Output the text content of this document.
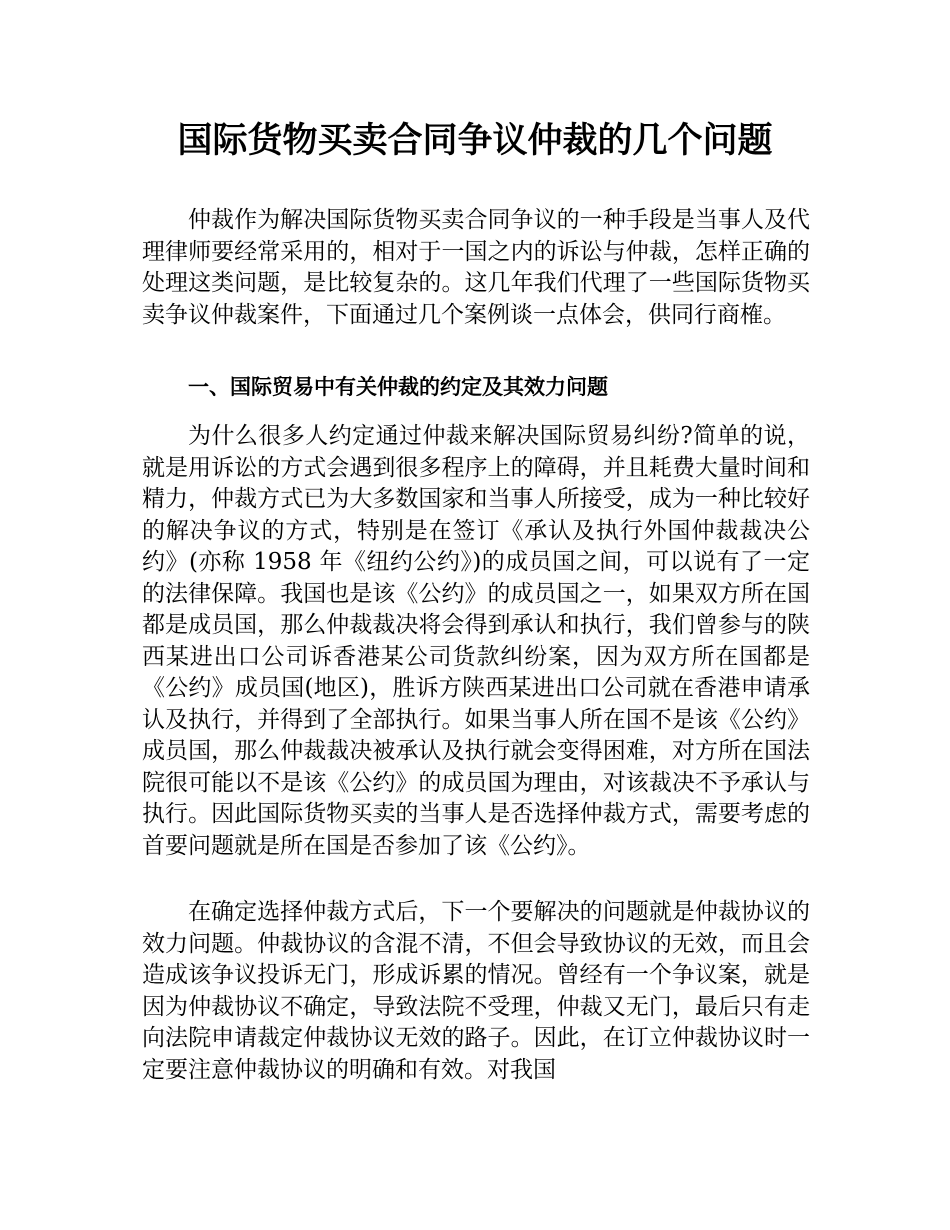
国际货物买卖合同争议仲裁的几个问题

仲裁作为解决国际货物买卖合同争议的一种手段是当事人及代理律师要经常采用的，相对于一国之内的诉讼与仲裁，怎样正确的处理这类问题，是比较复杂的。这几年我们代理了一些国际货物买卖争议仲裁案件，下面通过几个案例谈一点体会，供同行商榷。

一、国际贸易中有关仲裁的约定及其效力问题

为什么很多人约定通过仲裁来解决国际贸易纠纷?简单的说，就是用诉讼的方式会遇到很多程序上的障碍，并且耗费大量时间和精力，仲裁方式已为大多数国家和当事人所接受，成为一种比较好的解决争议的方式，特别是在签订《承认及执行外国仲裁裁决公约》(亦称 1958 年《纽约公约》)的成员国之间，可以说有了一定的法律保障。我国也是该《公约》的成员国之一，如果双方所在国都是成员国，那么仲裁裁决将会得到承认和执行，我们曾参与的陕西某进出口公司诉香港某公司货款纠纷案，因为双方所在国都是《公约》成员国(地区)，胜诉方陕西某进出口公司就在香港申请承认及执行，并得到了全部执行。如果当事人所在国不是该《公约》成员国，那么仲裁裁决被承认及执行就会变得困难，对方所在国法院很可能以不是该《公约》的成员国为理由，对该裁决不予承认与执行。因此国际货物买卖的当事人是否选择仲裁方式，需要考虑的首要问题就是所在国是否参加了该《公约》。

在确定选择仲裁方式后，下一个要解决的问题就是仲裁协议的效力问题。仲裁协议的含混不清，不但会导致协议的无效，而且会造成该争议投诉无门，形成诉累的情况。曾经有一个争议案，就是因为仲裁协议不确定，导致法院不受理，仲裁又无门，最后只有走向法院申请裁定仲裁协议无效的路子。因此，在订立仲裁协议时一定要注意仲裁协议的明确和有效。对我国
